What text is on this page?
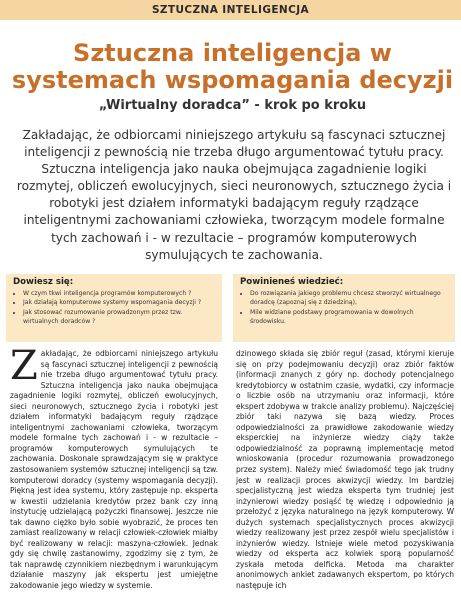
SZTUCZNA INTELIGENCJA
Sztuczna inteligencja w systemach wspomagania decyzji
„Wirtualny doradca” - krok po kroku

Zakładając, że odbiorcami niniejszego artykułu są fascynaci sztucznej inteligencji z pewnością nie trzeba długo argumentować tytułu pracy. Sztuczna inteligencja jako nauka obejmująca zagadnienie logiki rozmytej, obliczeń ewolucyjnych, sieci neuronowych, sztucznego życia i robotyki jest działem informatyki badającym reguły rządzące inteligentnymi zachowaniami człowieka, tworzącym modele formalne tych zachowań i - w rezultacie – programów komputerowych symulujących te zachowania.

Dowiesz się:
• W czym tkwi inteligencja programów komputerowych ?
• Jak działają komputerowe systemy wspomagania decyzji ?
• Jak stosować rozumowanie prowadzonym przez tzw. wirtualnych doradców ?
Powinieneś wiedzieć:
• Do rozwiązania jakiego problemu chcesz stworzyć wirtualnego doradcę (zapoznaj się z dziedziną),
• Mile widziane podstawy programowania w dowolnych środowisku.

Zakładając, że odbiorcami niniejszego artykułu są fascynaci sztucznej inteligencji z pewnością nie trzeba długo argumentować tytułu pracy. Sztuczna inteligencja jako nauka obejmująca zagadnienie logiki rozmytej, obliczeń ewolucyjnych, sieci neuronowych, sztucznego życia i robotyki jest działem informatyki badającym reguły rządzące inteligentnymi zachowaniami człowieka, tworzącym modele formalne tych zachowań i - w rezultacie – programów komputerowych symulujących te zachowania. Doskonale sprawdzającym się w praktyce zastosowaniem systemów sztucznej inteligencji są tzw. komputerowi doradcy (systemy wspomagania decyzji). Piękną jest idea systemu, który zastępuje np. eksperta w kwestii udzielania kredytów przez bank czy inną instytucję udzielającą pożyczki finansowej. Jeszcze nie tak dawno ciężko było sobie wyobrazić, że proces ten zamiast realizowany w relacji człowiek-człowiek miałby być realizowany w relacji: maszyna-człowiek. Jednak gdy się chwilę zastanowimy, zgodzimy się z tym, że tak naprawdę czynnikiem niezbędnym i warunkującym działanie maszyny jak ekspertu jest umiejętne zakodowanie jego wiedzy w systemie.

dzinowego składa się zbiór reguł (zasad, którymi kieruje się on przy podejmowaniu decyzji) oraz zbiór faktów (informacji znanych z góry np. dochody potencjalnego kredytobiorcy w ostatnim czasie, wydatki, czy informacje o liczbie osób na utrzymaniu oraz informacji, które ekspert zdobywa w trakcie analizy problemu). Najczęściej zbiór taki nazywa się bazą wiedzy. Proces odpowiedzialności za prawidłowe zakodowanie wiedzy eksperckiej na inżynierze wiedzy ciąży także odpowiedzialność za poprawną implementację metod wnioskowania (procedur rozumowania prowadzonego przez system). Należy mieć świadomość tego jak trudny jest w realizacji proces akwizycji wiedzy. Im bardziej specjalistyczną jest wiedza eksperta tym trudniej jest inżynierowi wiedzy posiąść tę wiedzę i odpowiednio ją przełożyć z języka naturalnego na język komputerowy. W dużych systemach specjalistycznych proces akwizycji wiedzy realizowany jest przez zespół wielu specjalistów i inżynierów wiedzy. Istnieje wiele metod pozyskiwania wiedzy od eksperta acz kolwiek sporą popularność zyskała metoda delficka. Metoda ma charakter anonimowych ankiet zadawanych ekspertom, po których następuje ich
